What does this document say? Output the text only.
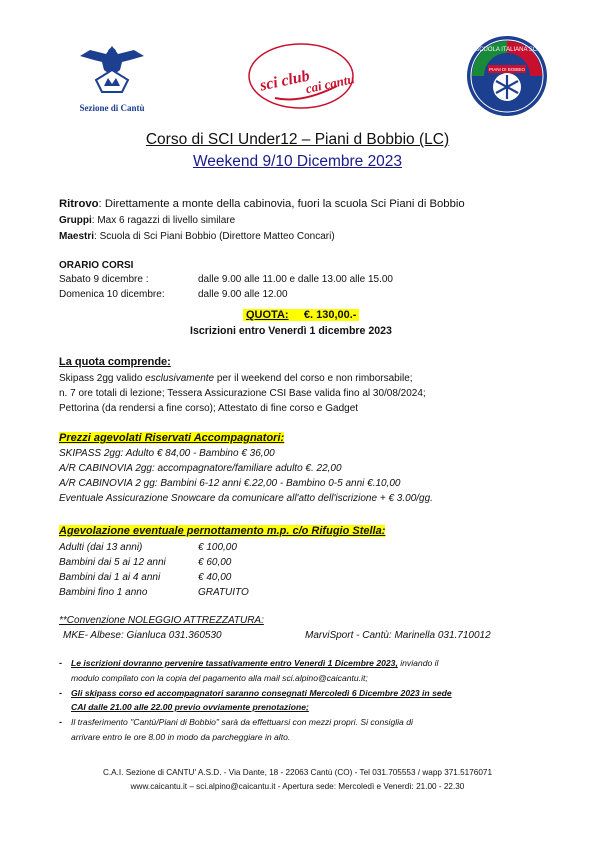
Sezione di Cantù
sci club
cai cantu
SCUOLA ITALIANA SCI
PIANI DI BOBBIO
Corso di SCI Under12 – Piani d Bobbio (LC)
Weekend 9/10 Dicembre 2023
Ritrovo: Direttamente a monte della cabinovia, fuori la scuola Sci Piani di Bobbio
Gruppi: Max 6 ragazzi di livello similare
Maestri: Scuola di Sci Piani Bobbio (Direttore Matteo Concari)
ORARIO CORSI
Sabato 9 dicembre :	dalle 9.00 alle 11.00 e dalle 13.00 alle 15.00
Domenica 10 dicembre:	dalle 9.00 alle 12.00
QUOTA: €. 130,00.-
Iscrizioni entro Venerdì 1 dicembre 2023
La quota comprende:
Skipass 2gg valido esclusivamente per il weekend del corso e non rimborsabile;
n. 7 ore totali di lezione; Tessera Assicurazione CSI Base valida fino al 30/08/2024;
Pettorina (da rendersi a fine corso); Attestato di fine corso e Gadget
Prezzi agevolati Riservati Accompagnatori:
SKIPASS 2gg: Adulto € 84,00 - Bambino € 36,00
A/R CABINOVIA 2gg: accompagnatore/familiare adulto €. 22,00
A/R CABINOVIA 2 gg: Bambini 6-12 anni €.22,00 - Bambino 0-5 anni €.10,00
Eventuale Assicurazione Snowcare da comunicare all'atto dell'iscrizione + € 3.00/gg.
Agevolazione eventuale pernottamento m.p. c/o Rifugio Stella:
Adulti (dai 13 anni)	€ 100,00
Bambini dai 5 ai 12 anni	€ 60,00
Bambini dai 1 ai 4 anni	€ 40,00
Bambini fino 1 anno	GRATUITO
**Convenzione NOLEGGIO ATTREZZATURA:
MKE- Albese: Gianluca 031.360530	MarviSport - Cantù: Marinella 031.710012
- Le iscrizioni dovranno pervenire tassativamente entro Venerdì 1 Dicembre 2023, inviando il
modulo compilato con la copia del pagamento alla mail sci.alpino@caicantu.it;
- Gli skipass corso ed accompagnatori saranno consegnati Mercoledì 6 Dicembre 2023 in sede
CAI dalle 21.00 alle 22.00 previo ovviamente prenotazione;
- Il trasferimento "Cantù/Piani di Bobbio" sarà da effettuarsi con mezzi propri. Si consiglia di
arrivare entro le ore 8.00 in modo da parcheggiare in alto.
C.A.I. Sezione di CANTU' A.S.D. - Via Dante, 18 - 22063 Cantù (CO) - Tel 031.705553 / wapp 371.5176071
www.caicantu.it – sci.alpino@caicantu.it - Apertura sede: Mercoledì e Venerdì: 21.00 - 22.30
